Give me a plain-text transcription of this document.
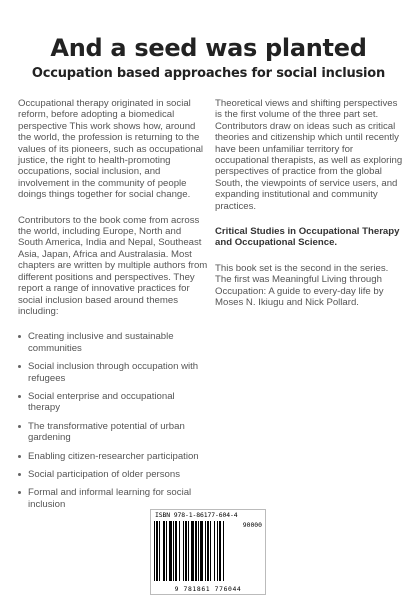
And a seed was planted
Occupation based approaches for social inclusion

Occupational therapy originated in social reform, before adopting a biomedical perspective This work shows how, around the world, the profession is returning to the values of its pioneers, such as occupational justice, the right to health-promoting occupations, social inclusion, and involvement in the community of people doings things together for social change.

Contributors to the book come from across the world, including Europe, North and South America, India and Nepal, Southeast Asia, Japan, Africa and Australasia. Most chapters are written by multiple authors from different positions and perspectives. They report a range of innovative practices for social inclusion based around themes including:

Creating inclusive and sustainable communities
Social inclusion through occupation with refugees
Social enterprise and occupational therapy
The transformative potential of urban gardening
Enabling citizen-researcher participation
Social participation of older persons
Formal and informal learning for social inclusion

Theoretical views and shifting perspectives is the first volume of the three part set. Contributors draw on ideas such as critical theories and citizenship which until recently have been unfamiliar territory for occupational therapists, as well as exploring perspectives of practice from the global South, the viewpoints of service users, and expanding institutional and community practices.

Critical Studies in Occupational Therapy and Occupational Science.

This book set is the second in the series. The first was Meaningful Living through Occupation: A guide to every-day life by Moses N. Ikiugu and Nick Pollard.

ISBN 978-1-86177-604-4
90000
9 781861 776044
